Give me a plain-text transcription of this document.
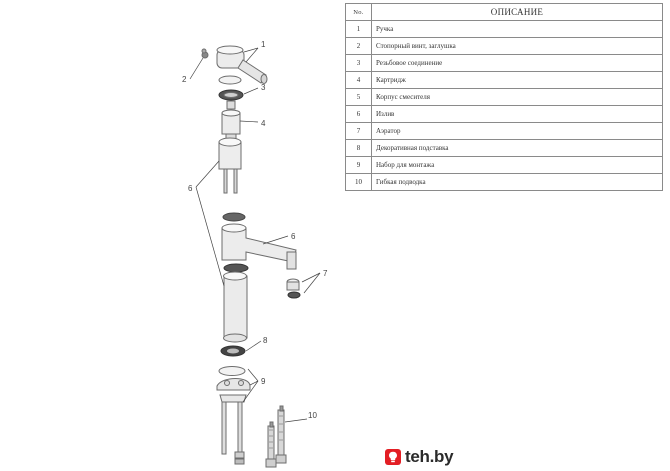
1
2
3
4
6
6
7
8
9
10
No.	ОПИСАНИЕ
1	Ручка
2	Стопорный винт, заглушка
3	Резьбовое соединение
4	Картридж
5	Корпус смесителя
6	Излив
7	Аэратор
8	Декоративная подставка
9	Набор для монтажа
10	Гибкая подводка
teh.by
